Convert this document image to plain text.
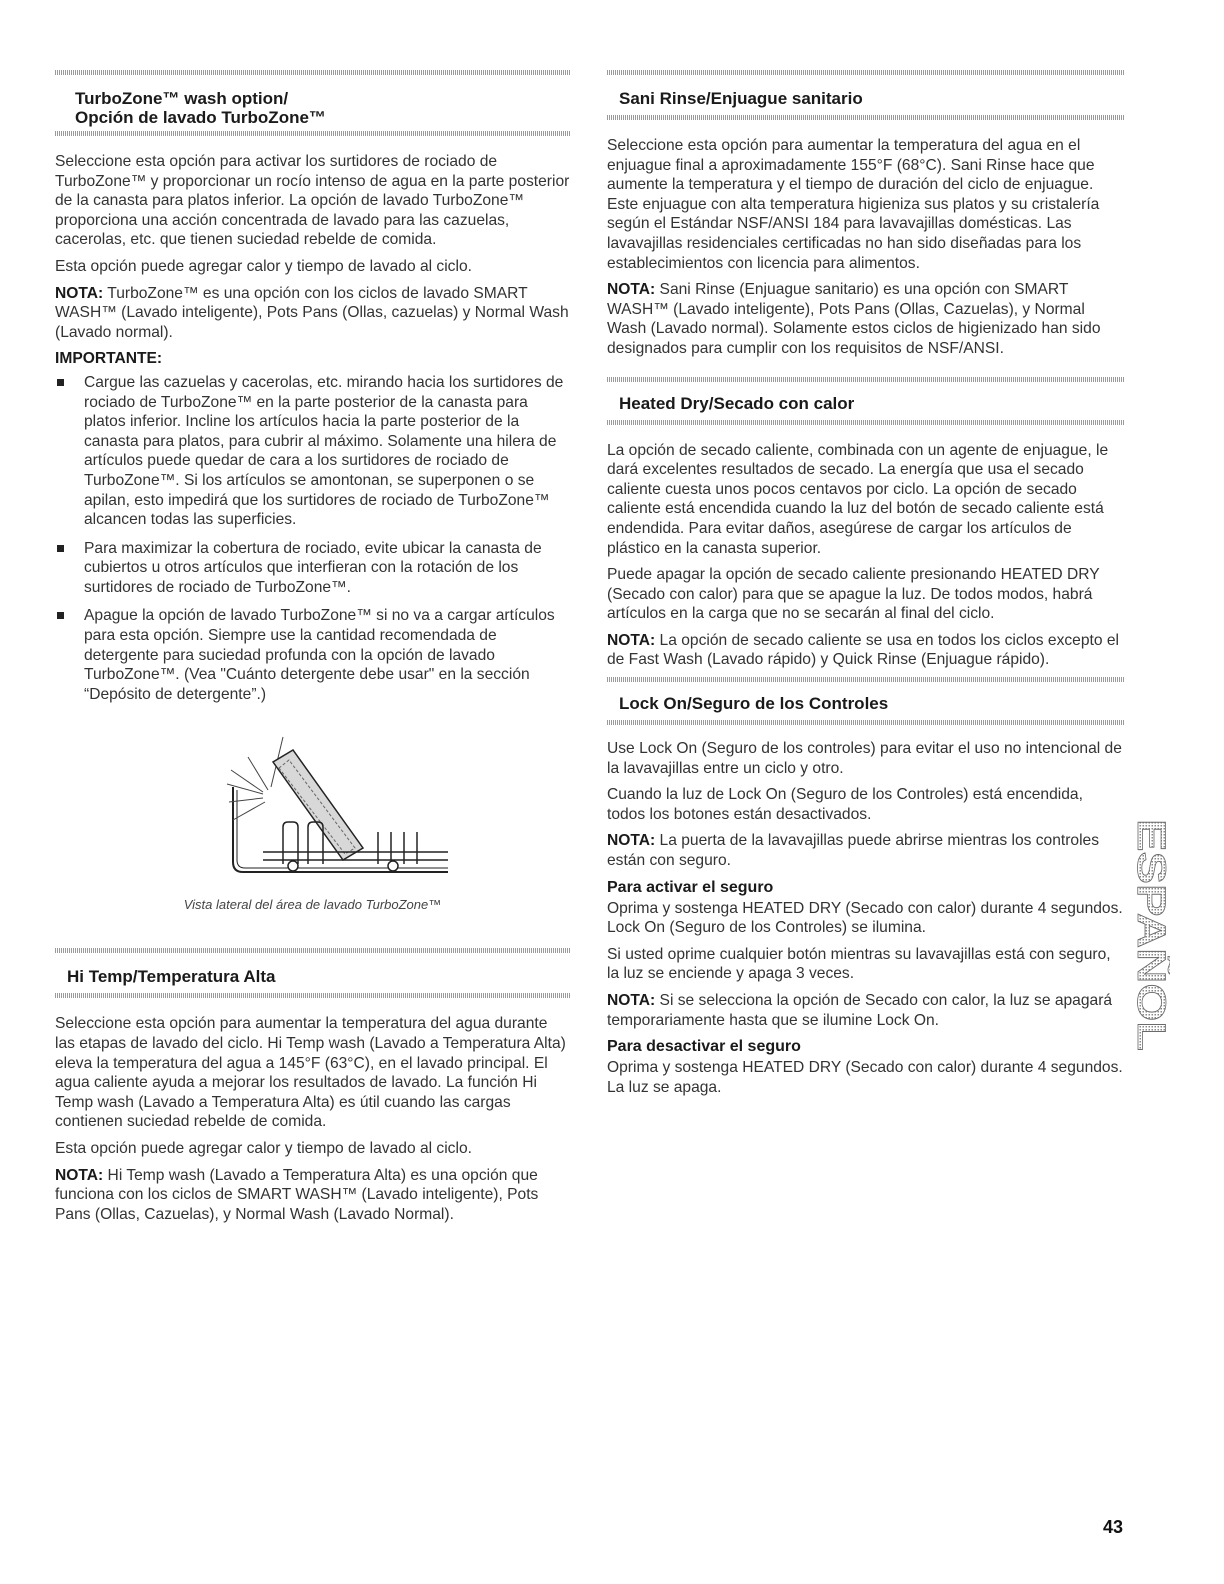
TurboZone™ wash option/
Opción de lavado TurboZone™

Seleccione esta opción para activar los surtidores de rociado de TurboZone™ y proporcionar un rocío intenso de agua en la parte posterior de la canasta para platos inferior. La opción de lavado TurboZone™ proporciona una acción concentrada de lavado para las cazuelas, cacerolas, etc. que tienen suciedad rebelde de comida.

Esta opción puede agregar calor y tiempo de lavado al ciclo.

NOTA: TurboZone™ es una opción con los ciclos de lavado SMART WASH™ (Lavado inteligente), Pots Pans (Ollas, cazuelas) y Normal Wash (Lavado normal).

IMPORTANTE:
Cargue las cazuelas y cacerolas, etc. mirando hacia los surtidores de rociado de TurboZone™ en la parte posterior de la canasta para platos inferior. Incline los artículos hacia la parte posterior de la canasta para platos, para cubrir al máximo. Solamente una hilera de artículos puede quedar de cara a los surtidores de rociado de TurboZone™. Si los artículos se amontonan, se superponen o se apilan, esto impedirá que los surtidores de rociado de TurboZone™ alcancen todas las superficies.
Para maximizar la cobertura de rociado, evite ubicar la canasta de cubiertos u otros artículos que interfieran con la rotación de los surtidores de rociado de TurboZone™.
Apague la opción de lavado TurboZone™ si no va a cargar artículos para esta opción. Siempre use la cantidad recomendada de detergente para suciedad profunda con la opción de lavado TurboZone™. (Vea "Cuánto detergente debe usar" en la sección “Depósito de detergente”.)
Vista lateral del área de lavado TurboZone™
Hi Temp/Temperatura Alta

Seleccione esta opción para aumentar la temperatura del agua durante las etapas de lavado del ciclo. Hi Temp wash (Lavado a Temperatura Alta) eleva la temperatura del agua a 145°F (63°C), en el lavado principal. El agua caliente ayuda a mejorar los resultados de lavado. La función Hi Temp wash (Lavado a Temperatura Alta) es útil cuando las cargas contienen suciedad rebelde de comida.

Esta opción puede agregar calor y tiempo de lavado al ciclo.

NOTA: Hi Temp wash (Lavado a Temperatura Alta) es una opción que funciona con los ciclos de SMART WASH™ (Lavado inteligente), Pots Pans (Ollas, Cazuelas), y Normal Wash (Lavado Normal).

Sani Rinse/Enjuague sanitario

Seleccione esta opción para aumentar la temperatura del agua en el enjuague final a aproximadamente 155°F (68°C). Sani Rinse hace que aumente la temperatura y el tiempo de duración del ciclo de enjuague. Este enjuague con alta temperatura higieniza sus platos y su cristalería según el Estándar NSF/ANSI 184 para lavavajillas domésticas. Las lavavajillas residenciales certificadas no han sido diseñadas para los establecimientos con licencia para alimentos.

NOTA: Sani Rinse (Enjuague sanitario) es una opción con SMART WASH™ (Lavado inteligente), Pots Pans (Ollas, Cazuelas), y Normal Wash (Lavado normal). Solamente estos ciclos de higienizado han sido designados para cumplir con los requisitos de NSF/ANSI.

Heated Dry/Secado con calor

La opción de secado caliente, combinada con un agente de enjuague, le dará excelentes resultados de secado. La energía que usa el secado caliente cuesta unos pocos centavos por ciclo. La opción de secado caliente está encendida cuando la luz del botón de secado caliente está endendida. Para evitar daños, asegúrese de cargar los artículos de plástico en la canasta superior.

Puede apagar la opción de secado caliente presionando HEATED DRY (Secado con calor) para que se apague la luz. De todos modos, habrá artículos en la carga que no se secarán al final del ciclo.

NOTA: La opción de secado caliente se usa en todos los ciclos excepto el de Fast Wash (Lavado rápido) y Quick Rinse (Enjuague rápido).

Lock On/Seguro de los Controles

Use Lock On (Seguro de los controles) para evitar el uso no intencional de la lavavajillas entre un ciclo y otro.

Cuando la luz de Lock On (Seguro de los Controles) está encendida, todos los botones están desactivados.

NOTA: La puerta de la lavavajillas puede abrirse mientras los controles están con seguro.

Para activar el seguro

Oprima y sostenga HEATED DRY (Secado con calor) durante 4 segundos. Lock On (Seguro de los Controles) se ilumina.

Si usted oprime cualquier botón mientras su lavavajillas está con seguro, la luz se enciende y apaga 3 veces.

NOTA: Si se selecciona la opción de Secado con calor, la luz se apagará temporariamente hasta que se ilumine Lock On.

Para desactivar el seguro

Oprima y sostenga HEATED DRY (Secado con calor) durante 4 segundos. La luz se apaga.

ESPAÑOL
43
